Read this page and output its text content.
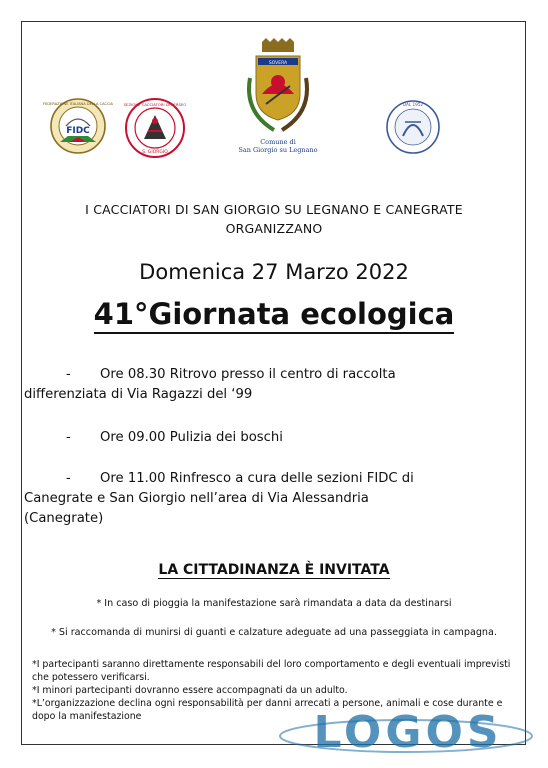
FIDC
FEDERAZIONE ITALIANA DELLA CACCIA	SEZIONE CACCIATORI DI PERSEO
S. GIORGIO
SOVERA
Comune di
San Giorgio su Legnano
DAL 1952
I CACCIATORI DI SAN GIORGIO SU LEGNANO E CANEGRATE
ORGANIZZANO
Domenica 27 Marzo 2022
41°Giornata ecologica
- Ore 08.30 Ritrovo presso il centro di raccolta
differenziata di Via Ragazzi del ‘99
- Ore 09.00 Pulizia dei boschi
- Ore 11.00 Rinfresco a cura delle sezioni FIDC di
Canegrate e San Giorgio nell’area di Via Alessandria
(Canegrate)
LA CITTADINANZA È INVITATA
* In caso di pioggia la manifestazione sarà rimandata a data da destinarsi
* Si raccomanda di munirsi di guanti e calzature adeguate ad una passeggiata in campagna.

*I partecipanti saranno direttamente responsabili del loro comportamento e degli eventuali imprevisti che potessero verificarsi.

*I minori partecipanti dovranno essere accompagnati da un adulto.

*L’organizzazione declina ogni responsabilità per danni arrecati a persone, animali e cose durante e dopo la manifestazione	LOGOS
